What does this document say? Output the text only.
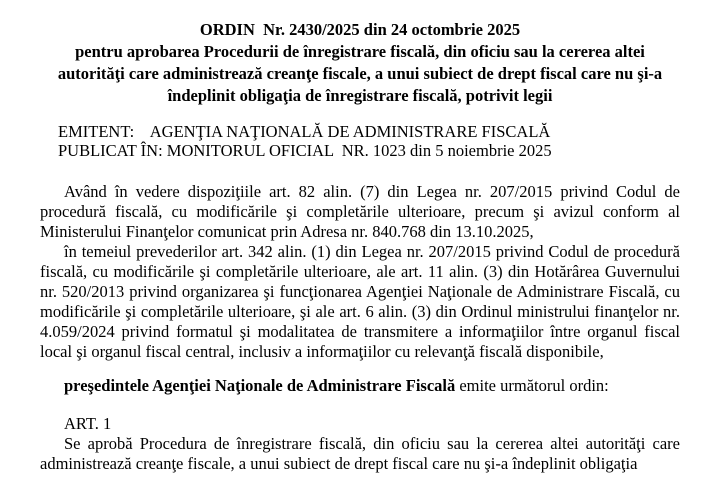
ORDIN  Nr. 2430/2025 din 24 octombrie 2025
pentru aprobarea Procedurii de înregistrare fiscală, din oficiu sau la cererea altei autorităţi care administrează creanţe fiscale, a unui subiect de drept fiscal care nu şi-a îndeplinit obligaţia de înregistrare fiscală, potrivit legii
EMITENT:    AGENŢIA NAŢIONALĂ DE ADMINISTRARE FISCALĂ
PUBLICAT ÎN: MONITORUL OFICIAL  NR. 1023 din 5 noiembrie 2025

Având în vedere dispoziţiile art. 82 alin. (7) din Legea nr. 207/2015 privind Codul de procedură fiscală, cu modificările şi completările ulterioare, precum şi avizul conform al Ministerului Finanţelor comunicat prin Adresa nr. 840.768 din 13.10.2025,

în temeiul prevederilor art. 342 alin. (1) din Legea nr. 207/2015 privind Codul de procedură fiscală, cu modificările şi completările ulterioare, ale art. 11 alin. (3) din Hotărârea Guvernului nr. 520/2013 privind organizarea şi funcţionarea Agenţiei Naţionale de Administrare Fiscală, cu modificările şi completările ulterioare, şi ale art. 6 alin. (3) din Ordinul ministrului finanţelor nr. 4.059/2024 privind formatul şi modalitatea de transmitere a informaţiilor între organul fiscal local şi organul fiscal central, inclusiv a informaţiilor cu relevanţă fiscală disponibile,

preşedintele Agenţiei Naţionale de Administrare Fiscală emite următorul ordin:

ART. 1

Se aprobă Procedura de înregistrare fiscală, din oficiu sau la cererea altei autorităţi care administrează creanţe fiscale, a unui subiect de drept fiscal care nu şi-a îndeplinit obligaţia
